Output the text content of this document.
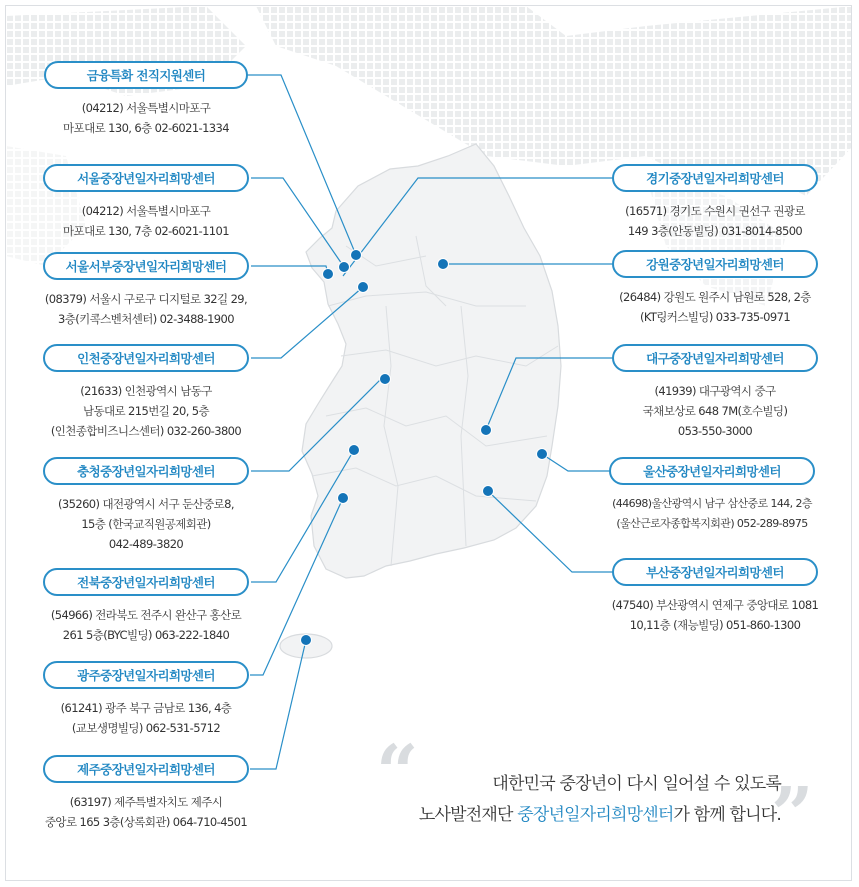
금융특화 전직지원센터
(04212) 서울특별시마포구
마포대로 130, 6층 02-6021-1334
서울중장년일자리희망센터
(04212) 서울특별시마포구
마포대로 130, 7층 02-6021-1101
서울서부중장년일자리희망센터
(08379) 서울시 구로구 디지털로 32길 29,
3층(키콕스벤처센터) 02-3488-1900
인천중장년일자리희망센터
(21633) 인천광역시 남동구
남동대로 215번길 20, 5층
(인천종합비즈니스센터) 032-260-3800
충청중장년일자리희망센터
(35260) 대전광역시 서구 둔산중로8,
15층 (한국교직원공제회관)
042-489-3820
전북중장년일자리희망센터
(54966) 전라북도 전주시 완산구 홍산로
261 5층(BYC빌딩) 063-222-1840
광주중장년일자리희망센터
(61241) 광주 북구 금남로 136, 4층
(교보생명빌딩) 062-531-5712
제주중장년일자리희망센터
(63197) 제주특별자치도 제주시
중앙로 165 3층(상록회관) 064-710-4501
경기중장년일자리희망센터
(16571) 경기도 수원시 권선구 권광로
149 3층(안동빌딩) 031-8014-8500
강원중장년일자리희망센터
(26484) 강원도 원주시 남원로 528, 2층
(KT링커스빌딩) 033-735-0971
대구중장년일자리희망센터
(41939) 대구광역시 중구
국채보상로 648 7M(호수빌딩)
053-550-3000
울산중장년일자리희망센터
(44698)울산광역시 남구 삼산중로 144, 2층
(울산근로자종합복지회관) 052-289-8975
부산중장년일자리희망센터
(47540) 부산광역시 연제구 중앙대로 1081
10,11층 (재능빌딩) 051-860-1300
“	”
대한민국 중장년이 다시 일어설 수 있도록
노사발전재단 중장년일자리희망센터가 함께 합니다.
